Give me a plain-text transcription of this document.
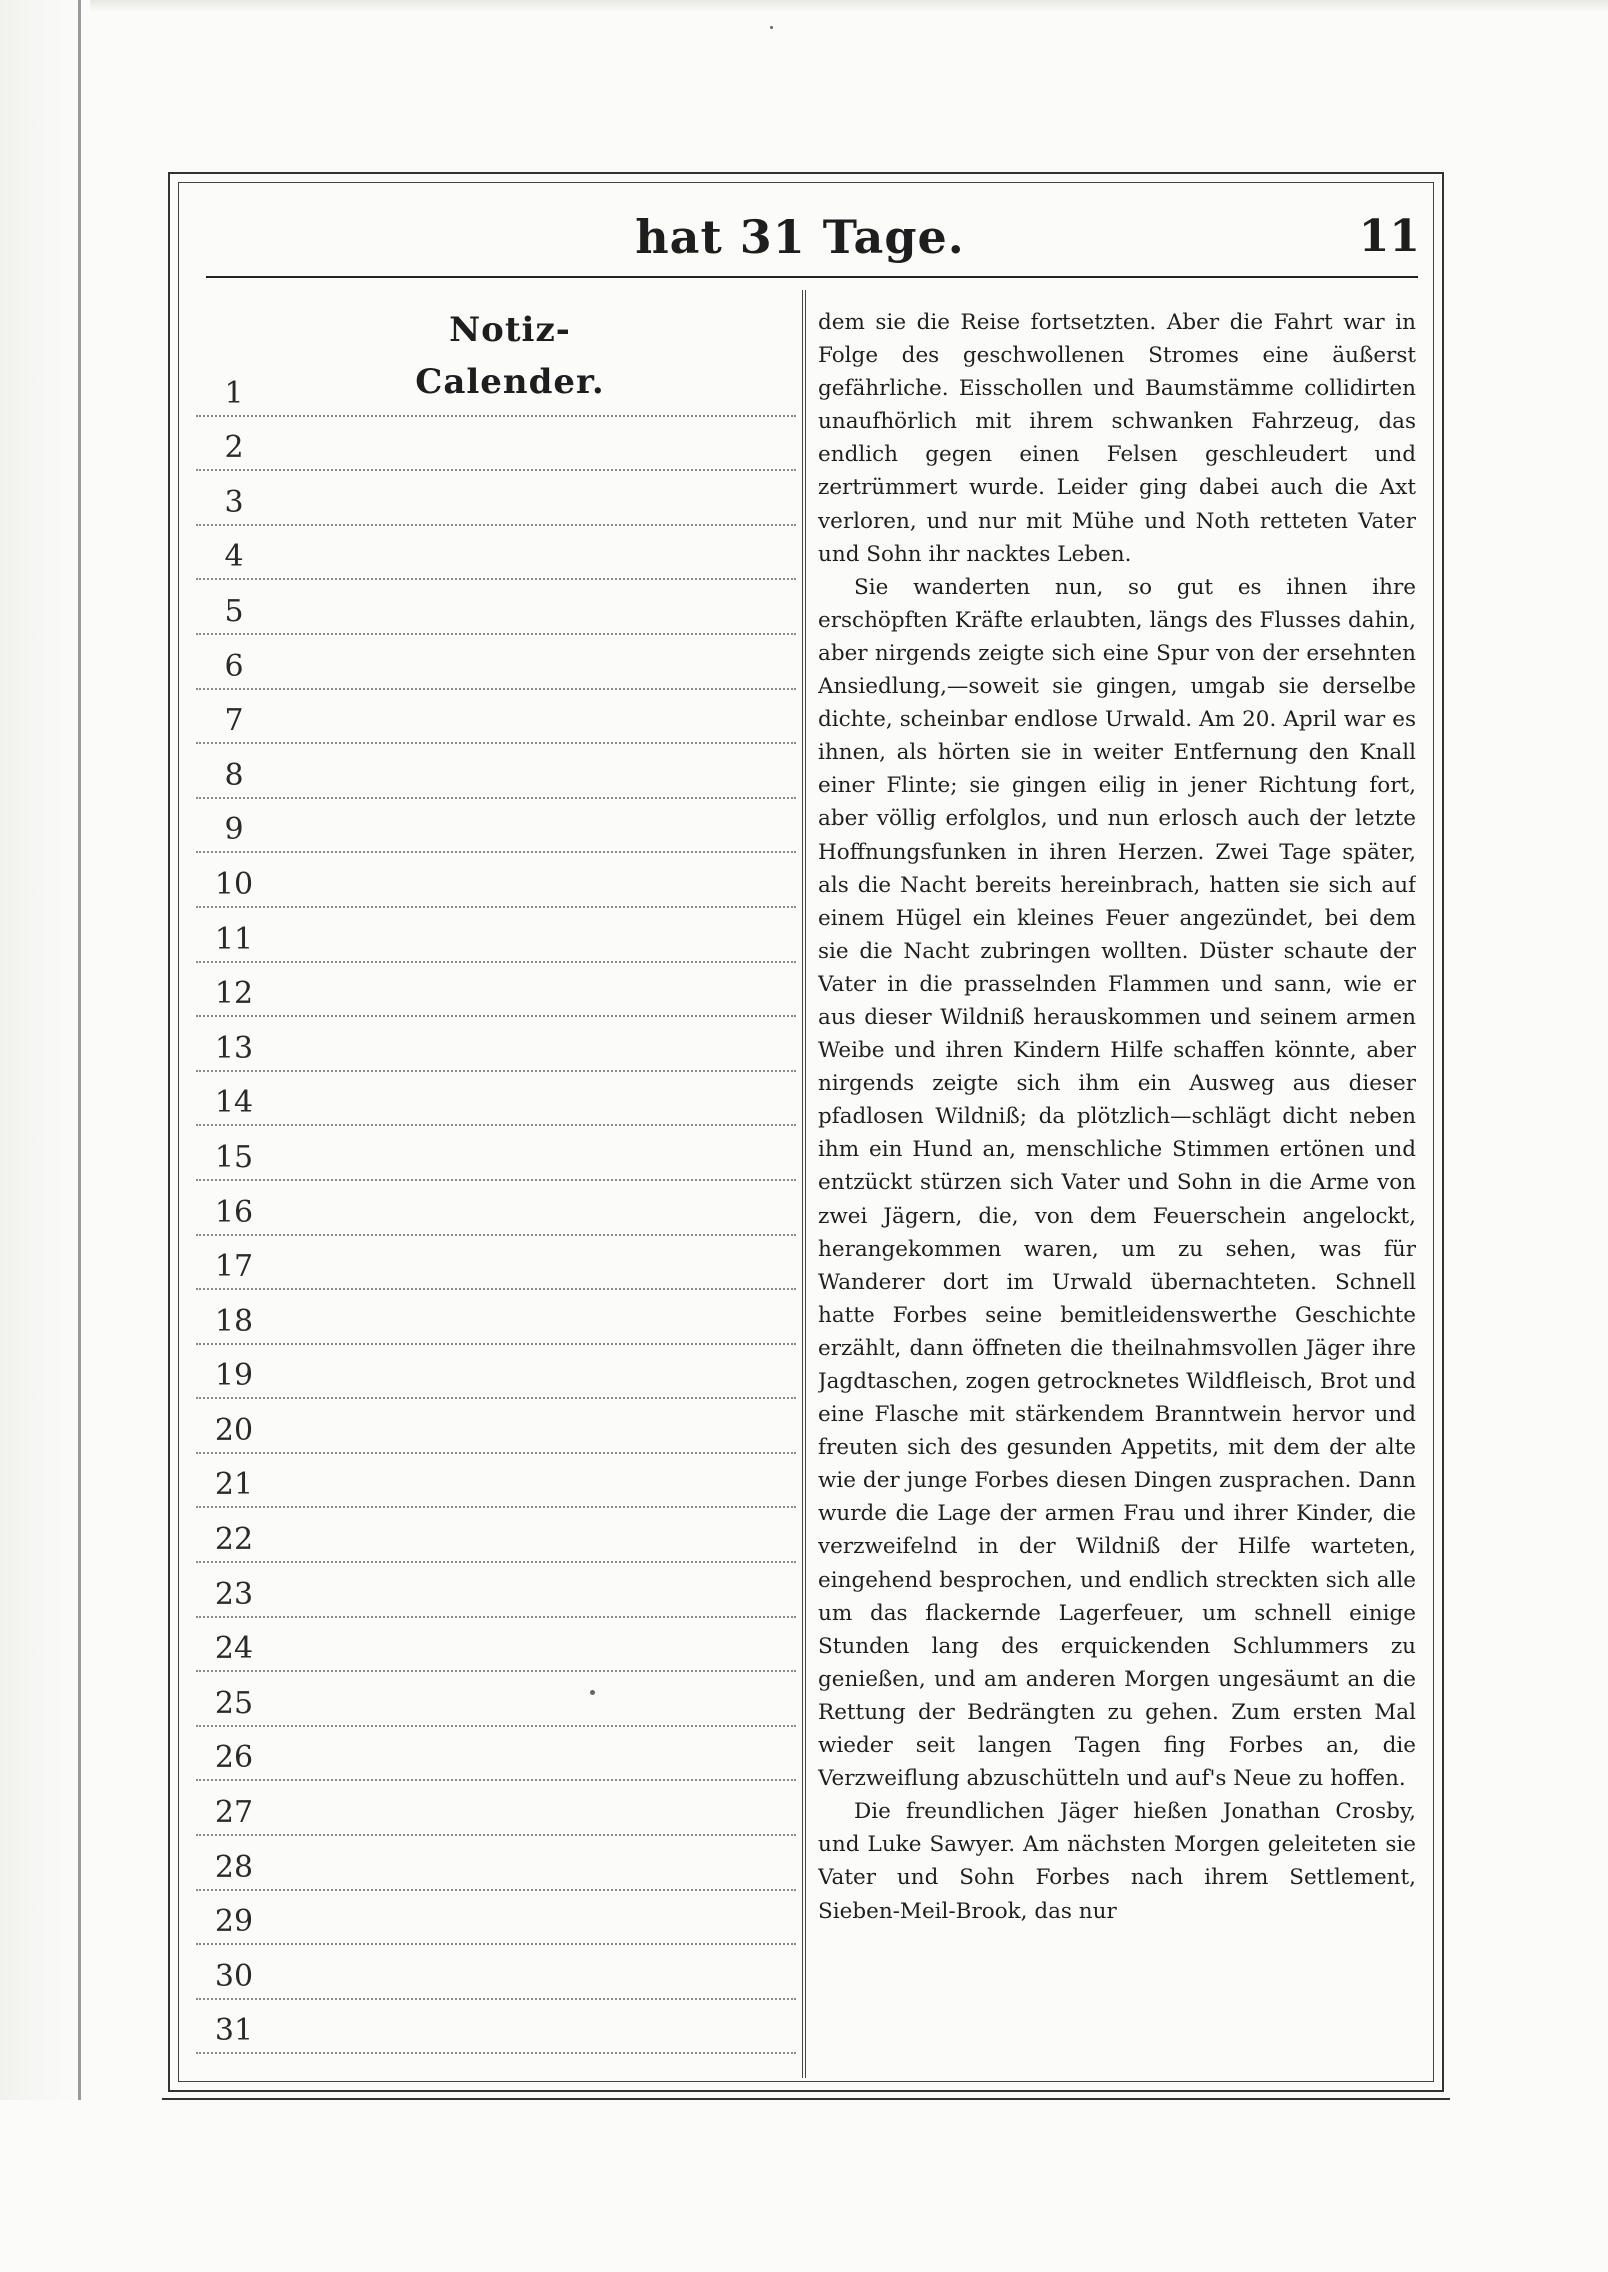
hat 31 Tage.	11
Notiz-Calender.
1
2
3
4
5
6
7
8
9
10
11
12
13
14
15
16
17
18
19
20
21
22
23
24
25
26
27
28
29
30
31

dem sie die Reise fortsetzten. Aber die Fahrt war in Folge des geschwollenen Stromes eine äußerst gefährliche. Eisschollen und Baumstämme collidirten unaufhörlich mit ihrem schwanken Fahrzeug, das endlich gegen einen Felsen geschleudert und zertrümmert wurde. Leider ging dabei auch die Axt verloren, und nur mit Mühe und Noth retteten Vater und Sohn ihr nacktes Leben.

Sie wanderten nun, so gut es ihnen ihre erschöpften Kräfte erlaubten, längs des Flusses dahin, aber nirgends zeigte sich eine Spur von der ersehnten Ansiedlung,—soweit sie gingen, umgab sie derselbe dichte, scheinbar endlose Urwald. Am 20. April war es ihnen, als hörten sie in weiter Entfernung den Knall einer Flinte; sie gingen eilig in jener Richtung fort, aber völlig erfolglos, und nun erlosch auch der letzte Hoffnungsfunken in ihren Herzen. Zwei Tage später, als die Nacht bereits hereinbrach, hatten sie sich auf einem Hügel ein kleines Feuer angezündet, bei dem sie die Nacht zubringen wollten. Düster schaute der Vater in die prasselnden Flammen und sann, wie er aus dieser Wildniß herauskommen und seinem armen Weibe und ihren Kindern Hilfe schaffen könnte, aber nirgends zeigte sich ihm ein Ausweg aus dieser pfadlosen Wildniß; da plötzlich—schlägt dicht neben ihm ein Hund an, menschliche Stimmen ertönen und entzückt stürzen sich Vater und Sohn in die Arme von zwei Jägern, die, von dem Feuerschein angelockt, herangekommen waren, um zu sehen, was für Wanderer dort im Urwald übernachteten. Schnell hatte Forbes seine bemitleidenswerthe Geschichte erzählt, dann öffneten die theilnahmsvollen Jäger ihre Jagdtaschen, zogen getrocknetes Wildfleisch, Brot und eine Flasche mit stärkendem Branntwein hervor und freuten sich des gesunden Appetits, mit dem der alte wie der junge Forbes diesen Dingen zusprachen. Dann wurde die Lage der armen Frau und ihrer Kinder, die verzweifelnd in der Wildniß der Hilfe warteten, eingehend besprochen, und endlich streckten sich alle um das flackernde Lagerfeuer, um schnell einige Stunden lang des erquickenden Schlummers zu genießen, und am anderen Morgen ungesäumt an die Rettung der Bedrängten zu gehen. Zum ersten Mal wieder seit langen Tagen fing Forbes an, die Verzweiflung abzuschütteln und auf's Neue zu hoffen.

Die freundlichen Jäger hießen Jonathan Crosby, und Luke Sawyer. Am nächsten Morgen geleiteten sie Vater und Sohn Forbes nach ihrem Settlement, Sieben-Meil-Brook, das nur
